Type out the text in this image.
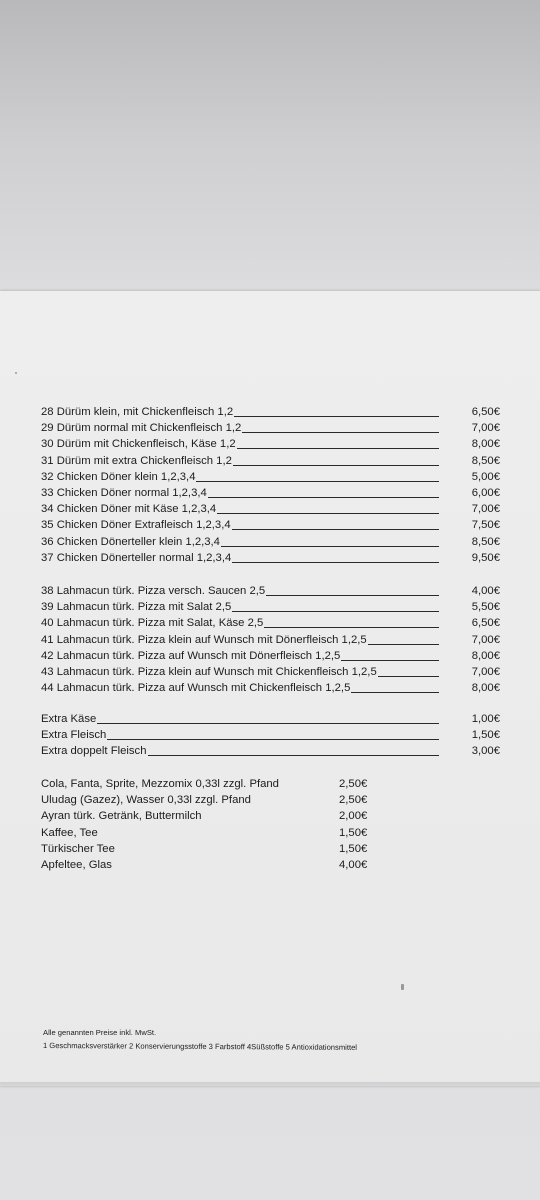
28 Dürüm klein, mit Chickenfleisch 1,2	6,50€
29 Dürüm normal mit Chickenfleisch 1,2	7,00€
30 Dürüm mit Chickenfleisch, Käse 1,2	8,00€
31 Dürüm mit extra Chickenfleisch 1,2	8,50€
32 Chicken Döner klein 1,2,3,4	5,00€
33 Chicken Döner normal 1,2,3,4	6,00€
34 Chicken Döner mit Käse 1,2,3,4	7,00€
35 Chicken Döner Extrafleisch 1,2,3,4	7,50€
36 Chicken Dönerteller klein 1,2,3,4	8,50€
37 Chicken Dönerteller normal 1,2,3,4	9,50€
38 Lahmacun türk. Pizza versch. Saucen 2,5	4,00€
39 Lahmacun türk. Pizza mit Salat 2,5	5,50€
40 Lahmacun türk. Pizza mit Salat, Käse 2,5	6,50€
41 Lahmacun türk. Pizza klein auf Wunsch mit Dönerfleisch 1,2,5	7,00€
42 Lahmacun türk. Pizza auf Wunsch mit Dönerfleisch 1,2,5	8,00€
43 Lahmacun türk. Pizza klein auf Wunsch mit Chickenfleisch 1,2,5	7,00€
44 Lahmacun türk. Pizza auf Wunsch mit Chickenfleisch 1,2,5	8,00€
Extra Käse	1,00€
Extra Fleisch	1,50€
Extra doppelt Fleisch	3,00€
Cola, Fanta, Sprite, Mezzomix 0,33l zzgl. Pfand	2,50€
Uludag (Gazez), Wasser 0,33l zzgl. Pfand	2,50€
Ayran türk. Getränk, Buttermilch	2,00€
Kaffee, Tee	1,50€
Türkischer Tee	1,50€
Apfeltee, Glas	4,00€
Alle genannten Preise inkl. MwSt.
1 Geschmacksverstärker 2 Konservierungsstoffe 3 Farbstoff 4Süßstoffe 5 Antioxidationsmittel
